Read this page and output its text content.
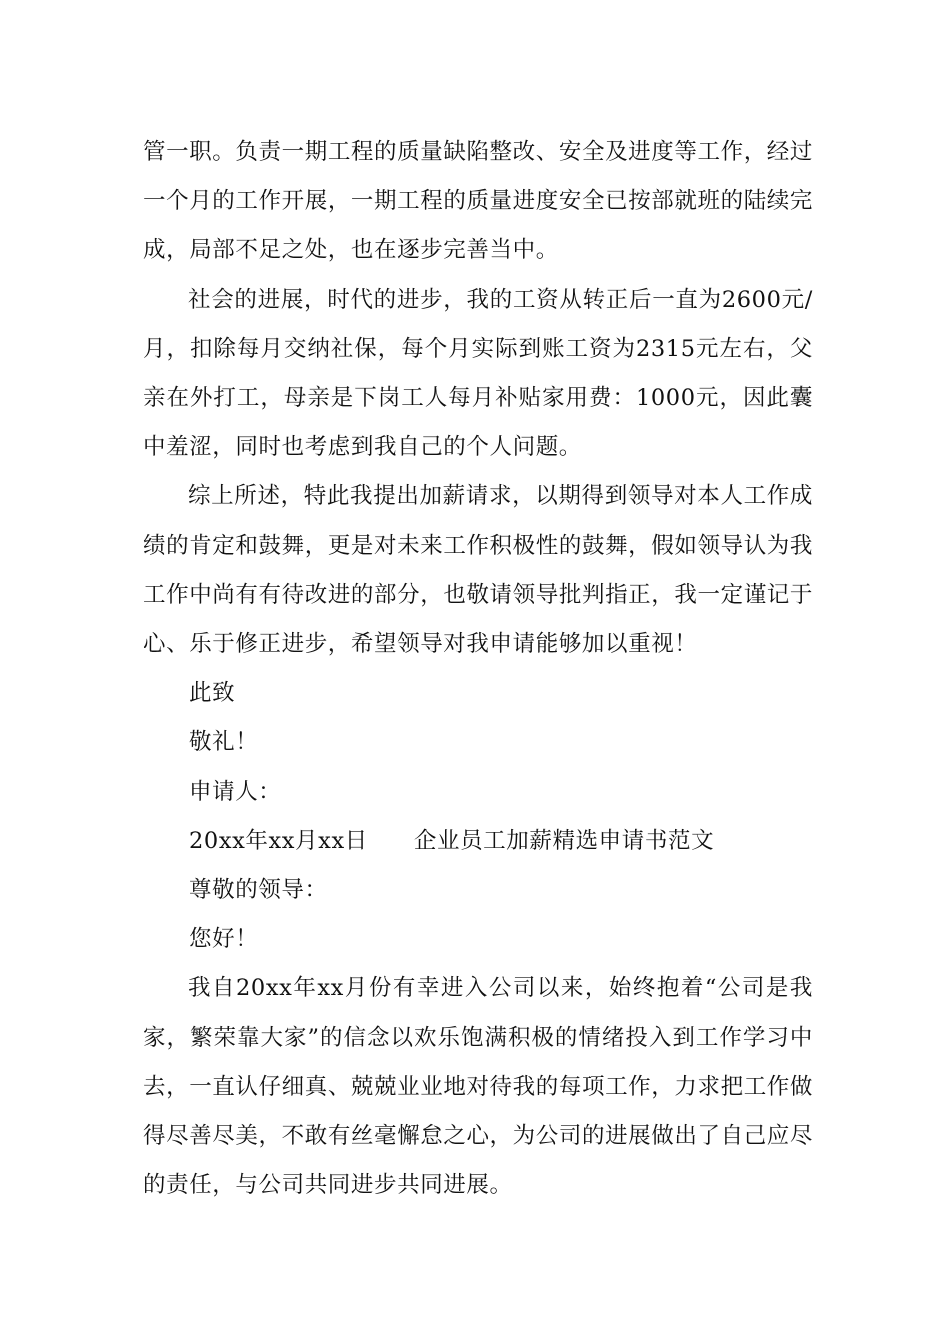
管一职。负责一期工程的质量缺陷整改、安全及进度等工作，经过一个月的工作开展，一期工程的质量进度安全已按部就班的陆续完成，局部不足之处，也在逐步完善当中。

社会的进展，时代的进步，我的工资从转正后一直为2600元/月，扣除每月交纳社保，每个月实际到账工资为2315元左右，父亲在外打工，母亲是下岗工人每月补贴家用费：1000元，因此囊中羞涩，同时也考虑到我自己的个人问题。

综上所述，特此我提出加薪请求，以期得到领导对本人工作成绩的肯定和鼓舞，更是对未来工作积极性的鼓舞，假如领导认为我工作中尚有有待改进的部分，也敬请领导批判指正，我一定谨记于心、乐于修正进步，希望领导对我申请能够加以重视！

此致

敬礼！

申请人：

20xx年xx月xx日 企业员工加薪精选申请书范文

尊敬的领导：

您好！

我自20xx年xx月份有幸进入公司以来，始终抱着“公司是我家，繁荣靠大家”的信念以欢乐饱满积极的情绪投入到工作学习中去，一直认仔细真、兢兢业业地对待我的每项工作，力求把工作做得尽善尽美，不敢有丝毫懈怠之心，为公司的进展做出了自己应尽的责任，与公司共同进步共同进展。
